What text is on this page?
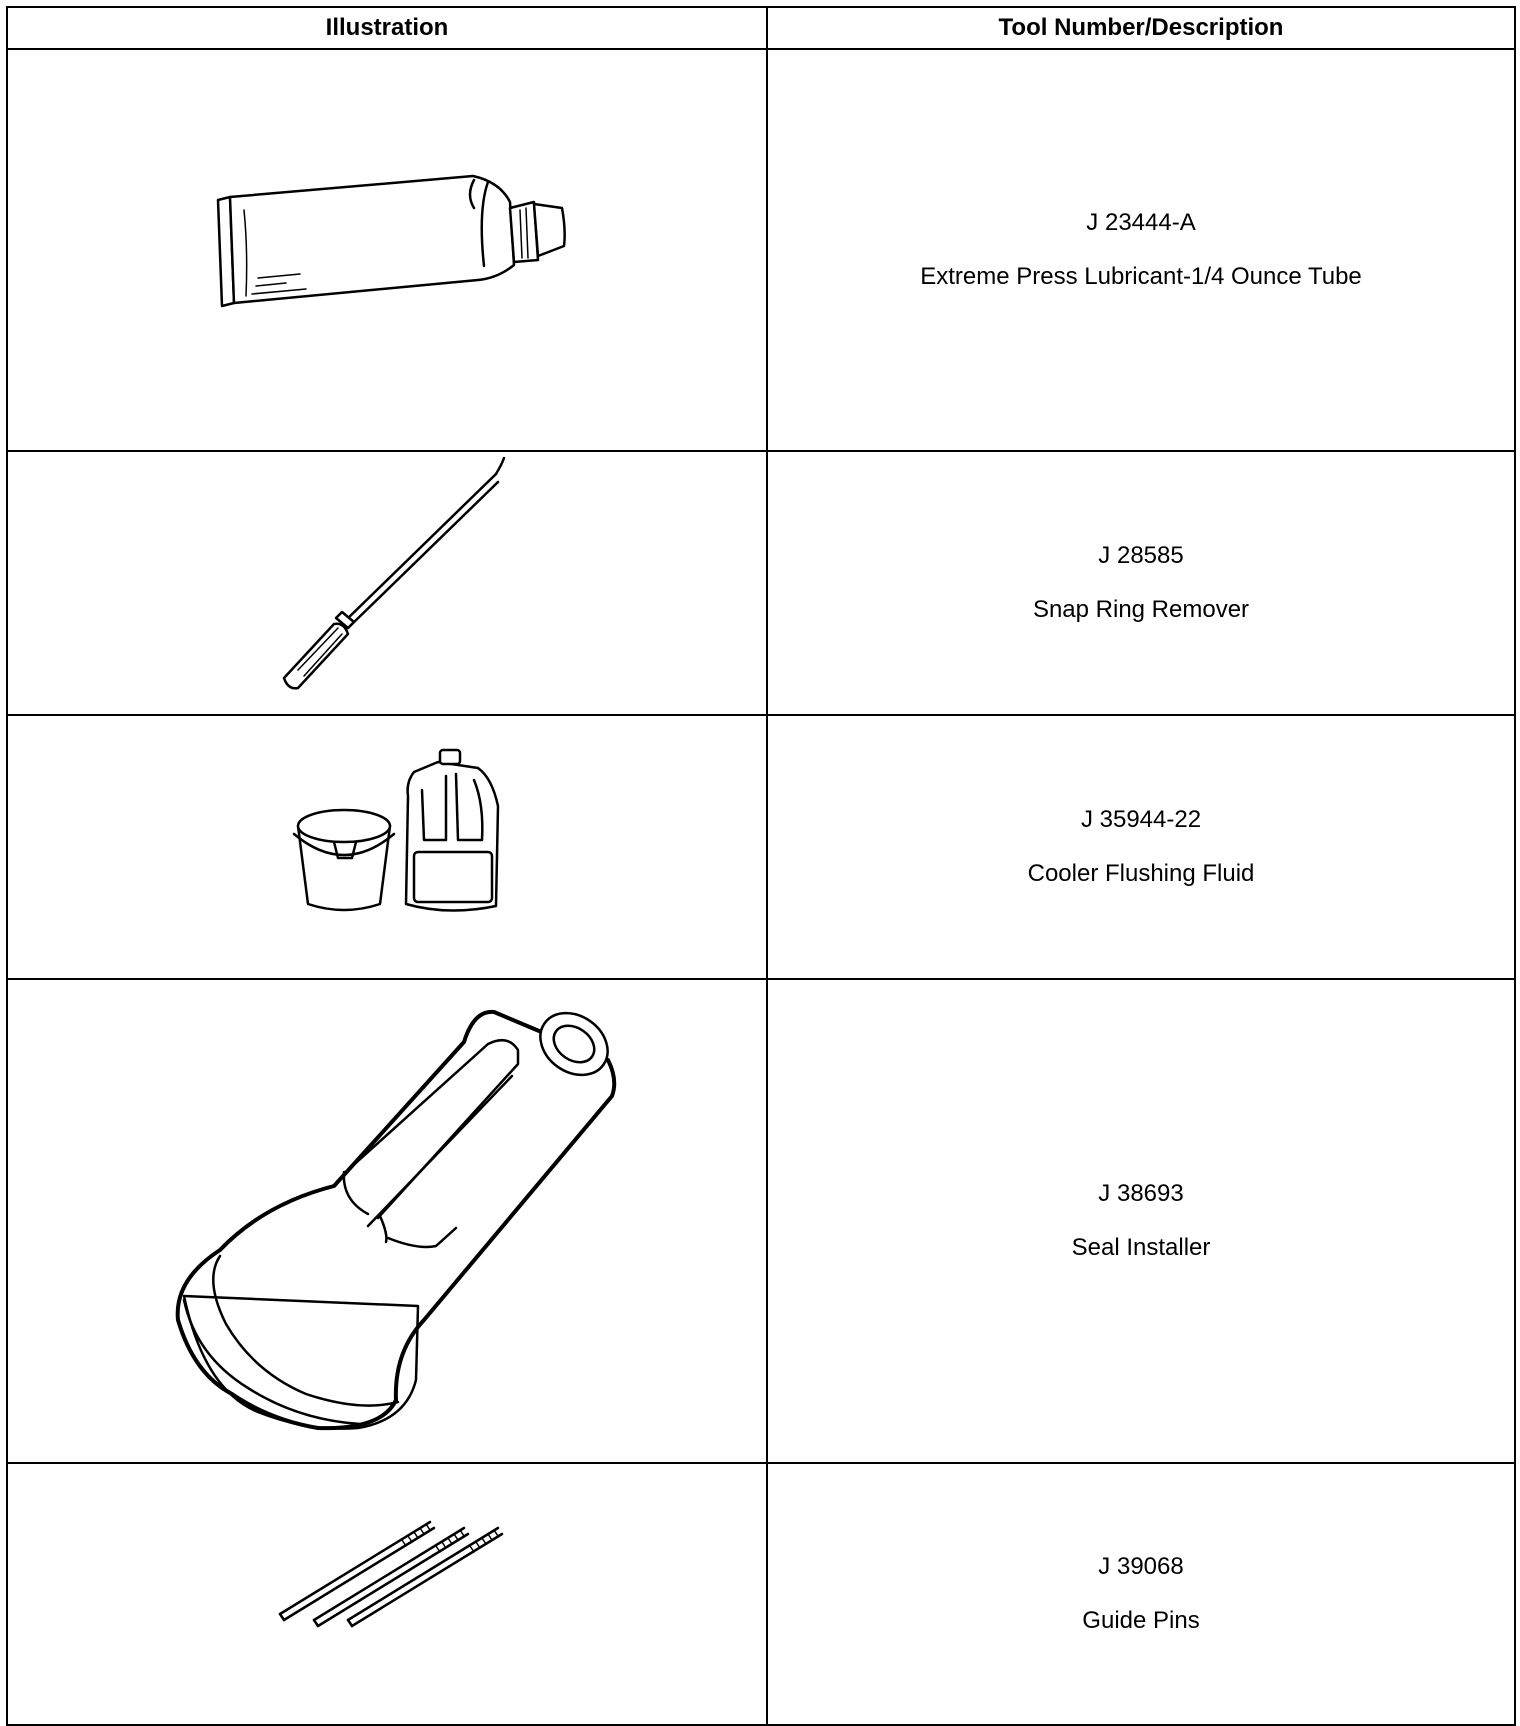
Illustration	Tool Number/Description

J 23444-A
Extreme Press Lubricant-1/4 Ounce Tube

J 28585
Snap Ring Remover

J 35944-22
Cooler Flushing Fluid

J 38693
Seal Installer

J 39068
Guide Pins
